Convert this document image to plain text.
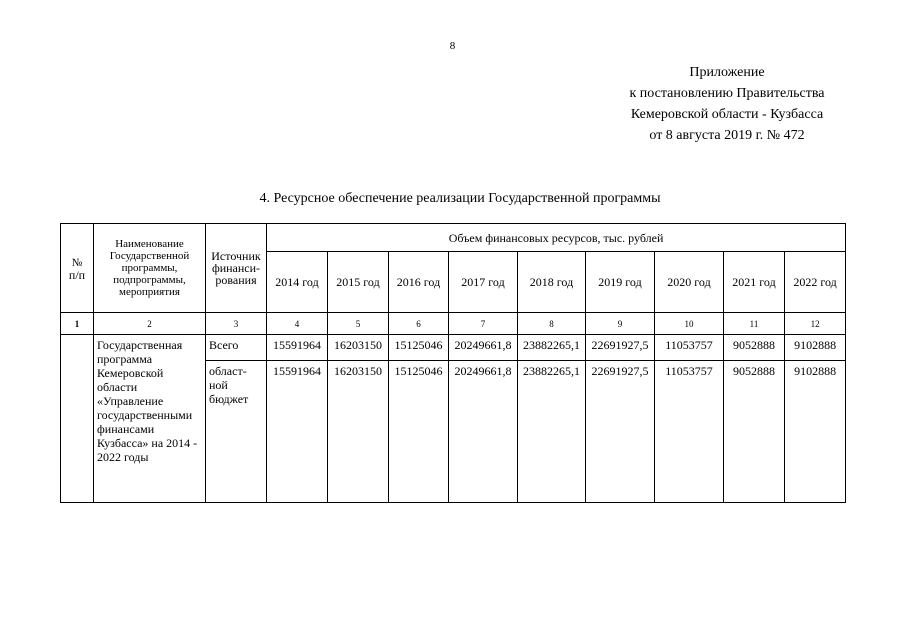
8
Приложение
к постановлению Правительства
Кемеровской области - Кузбасса
от 8 августа 2019 г. № 472
4. Ресурсное обеспечение реализации Государственной программы
№
п/п	Наименование Государственной программы, подпрограммы, мероприятия	Источник финанси-рования	Объем финансовых ресурсов, тыс. рублей								
			2014 год	2015 год	2016 год	2017 год	2018 год	2019 год	2020 год	2021 год	2022 год
1	2	3	4	5	6	7	8	9	10	11	12
	Государственная программа Кемеровской области «Управление государственными финансами Кузбасса» на 2014 - 2022 годы	Всего	15591964	16203150	15125046	20249661,8	23882265,1	22691927,5	11053757	9052888	9102888
		област-ной бюджет	15591964	16203150	15125046	20249661,8	23882265,1	22691927,5	11053757	9052888	9102888
